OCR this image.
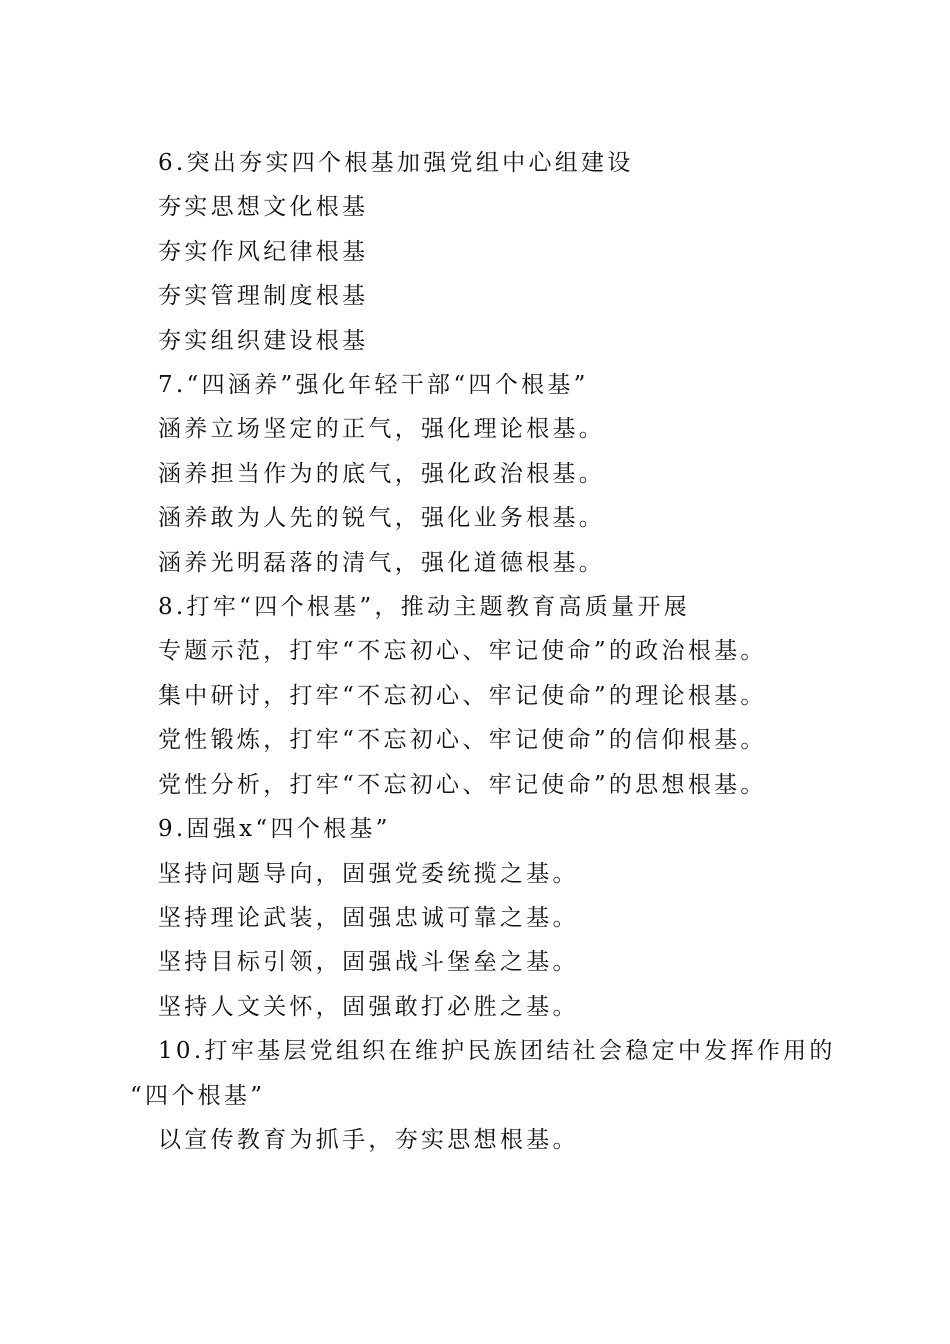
6.突出夯实四个根基加强党组中心组建设
夯实思想文化根基
夯实作风纪律根基
夯实管理制度根基
夯实组织建设根基
7.“四涵养”强化年轻干部“四个根基”
涵养立场坚定的正气，强化理论根基。
涵养担当作为的底气，强化政治根基。
涵养敢为人先的锐气，强化业务根基。
涵养光明磊落的清气，强化道德根基。
8.打牢“四个根基”，推动主题教育高质量开展
专题示范，打牢“不忘初心、牢记使命”的政治根基。
集中研讨，打牢“不忘初心、牢记使命”的理论根基。
党性锻炼，打牢“不忘初心、牢记使命”的信仰根基。
党性分析，打牢“不忘初心、牢记使命”的思想根基。
9.固强x“四个根基”
坚持问题导向，固强党委统揽之基。
坚持理论武装，固强忠诚可靠之基。
坚持目标引领，固强战斗堡垒之基。
坚持人文关怀，固强敢打必胜之基。
10.打牢基层党组织在维护民族团结社会稳定中发挥作用的
“四个根基”
以宣传教育为抓手，夯实思想根基。
